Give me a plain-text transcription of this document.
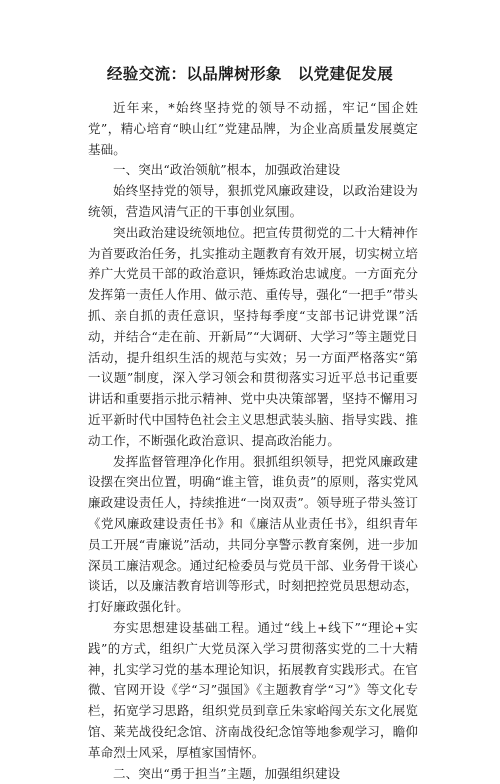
经验交流：以品牌树形象　以党建促发展

近年来，*始终坚持党的领导不动摇，牢记“国企姓党”，精心培育“映山红”党建品牌，为企业高质量发展奠定基础。

一、突出“政治领航”根本，加强政治建设

始终坚持党的领导，狠抓党风廉政建设，以政治建设为统领，营造风清气正的干事创业氛围。

突出政治建设统领地位。把宣传贯彻党的二十大精神作为首要政治任务，扎实推动主题教育有效开展，切实树立培养广大党员干部的政治意识，锤炼政治忠诚度。一方面充分发挥第一责任人作用、做示范、重传导，强化“一把手”带头抓、亲自抓的责任意识，坚持每季度“支部书记讲党课”活动，并结合“走在前、开新局”“大调研、大学习”等主题党日活动，提升组织生活的规范与实效；另一方面严格落实“第一议题”制度，深入学习领会和贯彻落实习近平总书记重要讲话和重要指示批示精神、党中央决策部署，坚持不懈用习近平新时代中国特色社会主义思想武装头脑、指导实践、推动工作，不断强化政治意识、提高政治能力。

发挥监督管理净化作用。狠抓组织领导，把党风廉政建设摆在突出位置，明确“谁主管，谁负责”的原则，落实党风廉政建设责任人，持续推进“一岗双责”。领导班子带头签订《党风廉政建设责任书》和《廉洁从业责任书》，组织青年员工开展“青廉说”活动，共同分享警示教育案例，进一步加深员工廉洁观念。通过纪检委员与党员干部、业务骨干谈心谈话，以及廉洁教育培训等形式，时刻把控党员思想动态，打好廉政强化针。

夯实思想建设基础工程。通过“线上+线下”“理论+实践”的方式，组织广大党员深入学习贯彻落实党的二十大精神，扎实学习党的基本理论知识，拓展教育实践形式。在官微、官网开设《学“习”强国》《主题教育学“习”》等文化专栏，拓宽学习思路，组织党员到章丘朱家峪闯关东文化展览馆、莱芜战役纪念馆、济南战役纪念馆等地参观学习，瞻仰革命烈士风采，厚植家国情怀。

二、突出“勇于担当”主题，加强组织建设
